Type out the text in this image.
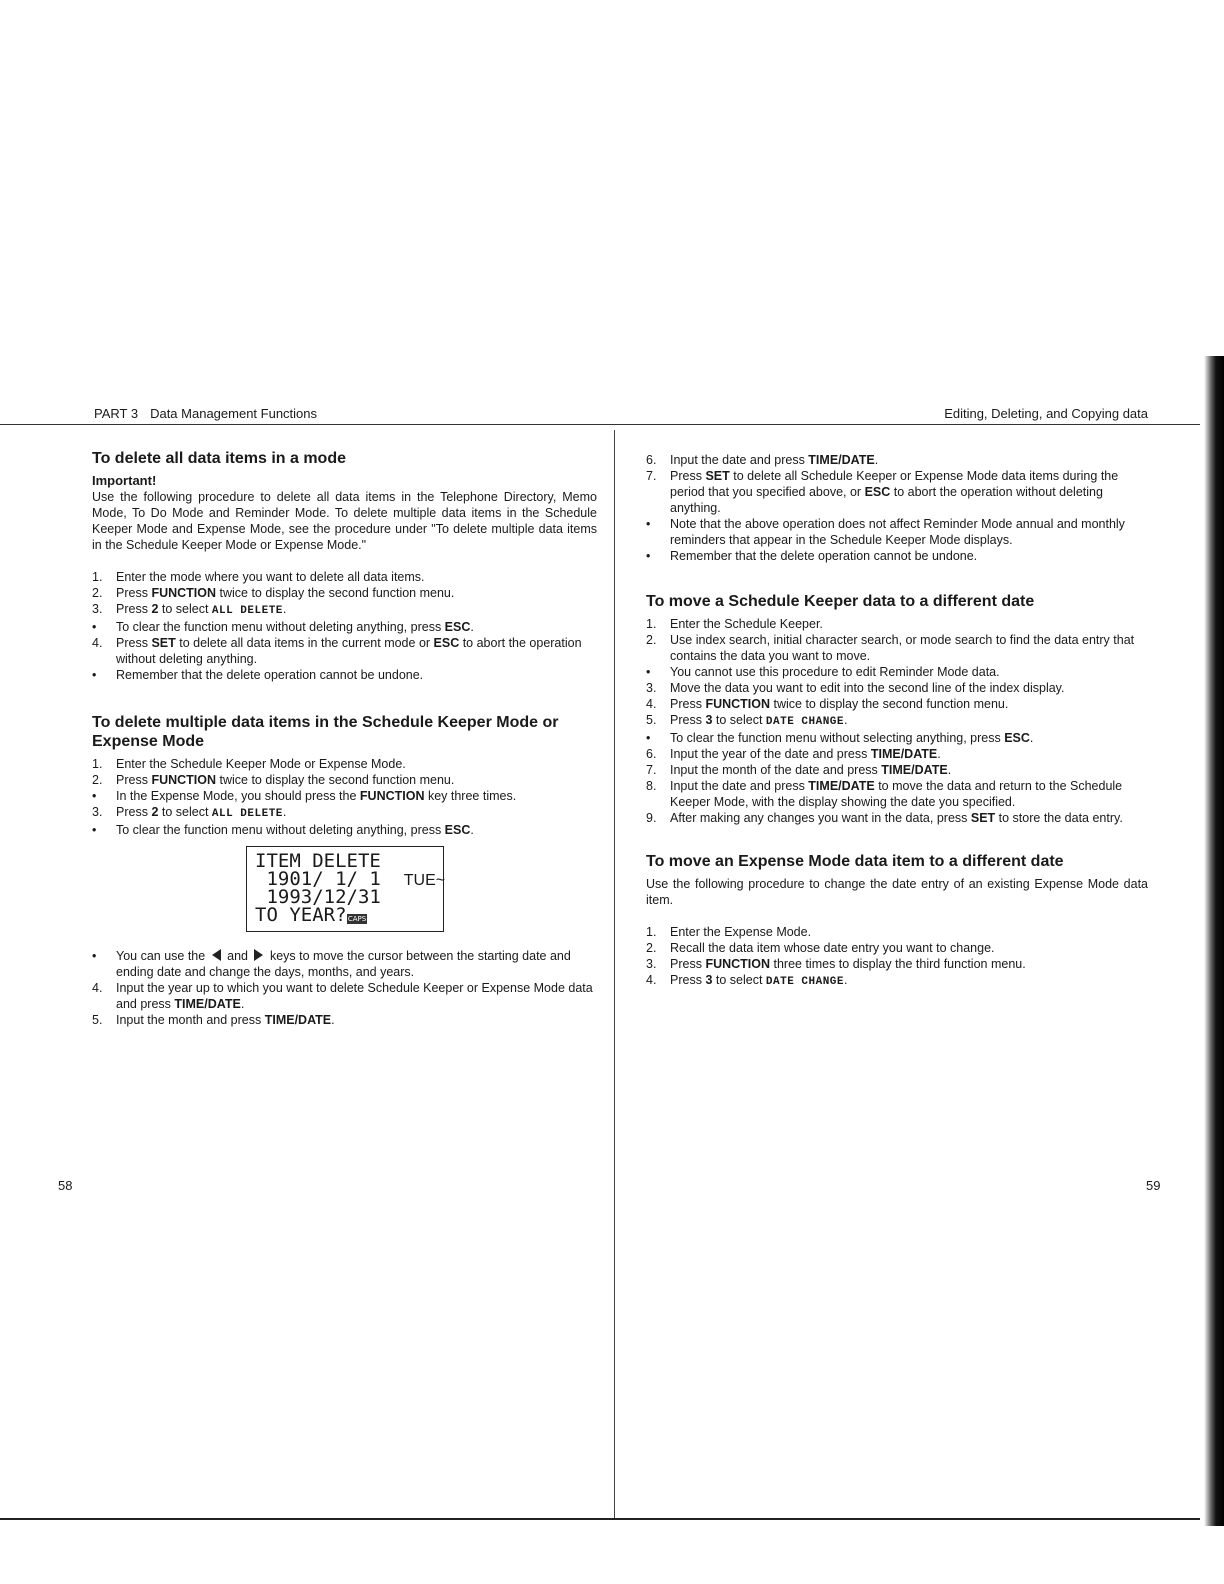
PART 3 Data Management Functions	Editing, Deleting, and Copying data
To delete all data items in a mode
Important!

Use the following procedure to delete all data items in the Telephone Directory, Memo Mode, To Do Mode and Reminder Mode. To delete multiple data items in the Schedule Keeper Mode and Expense Mode, see the procedure under "To delete multiple data items in the Schedule Keeper Mode or Expense Mode."

1.	Enter the mode where you want to delete all data items.
2.	Press FUNCTION twice to display the second function menu.
3.	Press 2 to select ALL DELETE.
•	To clear the function menu without deleting anything, press ESC.
4.	Press SET to delete all data items in the current mode or ESC to abort the operation without deleting anything.
•	Remember that the delete operation cannot be undone.
To delete multiple data items in the Schedule Keeper Mode or Expense Mode
1.	Enter the Schedule Keeper Mode or Expense Mode.
2.	Press FUNCTION twice to display the second function menu.
•	In the Expense Mode, you should press the FUNCTION key three times.
3.	Press 2 to select ALL DELETE.
•	To clear the function menu without deleting anything, press ESC.
ITEM DELETE
1901/ 1/ 1 TUE~
1993/12/31
TO YEAR? CAPS
•	You can use the  and  keys to move the cursor between the starting date and ending date and change the days, months, and years.
4.	Input the year up to which you want to delete Schedule Keeper or Expense Mode data and press TIME/DATE.
5.	Input the month and press TIME/DATE.
6.	Input the date and press TIME/DATE.
7.	Press SET to delete all Schedule Keeper or Expense Mode data items during the period that you specified above, or ESC to abort the operation without deleting anything.
•	Note that the above operation does not affect Reminder Mode annual and monthly reminders that appear in the Schedule Keeper Mode displays.
•	Remember that the delete operation cannot be undone.
To move a Schedule Keeper data to a different date
1.	Enter the Schedule Keeper.
2.	Use index search, initial character search, or mode search to find the data entry that contains the data you want to move.
•	You cannot use this procedure to edit Reminder Mode data.
3.	Move the data you want to edit into the second line of the index display.
4.	Press FUNCTION twice to display the second function menu.
5.	Press 3 to select DATE CHANGE.
•	To clear the function menu without selecting anything, press ESC.
6.	Input the year of the date and press TIME/DATE.
7.	Input the month of the date and press TIME/DATE.
8.	Input the date and press TIME/DATE to move the data and return to the Schedule Keeper Mode, with the display showing the date you specified.
9.	After making any changes you want in the data, press SET to store the data entry.
To move an Expense Mode data item to a different date

Use the following procedure to change the date entry of an existing Expense Mode data item.

1.	Enter the Expense Mode.
2.	Recall the data item whose date entry you want to change.
3.	Press FUNCTION three times to display the third function menu.
4.	Press 3 to select DATE CHANGE.
58	59
